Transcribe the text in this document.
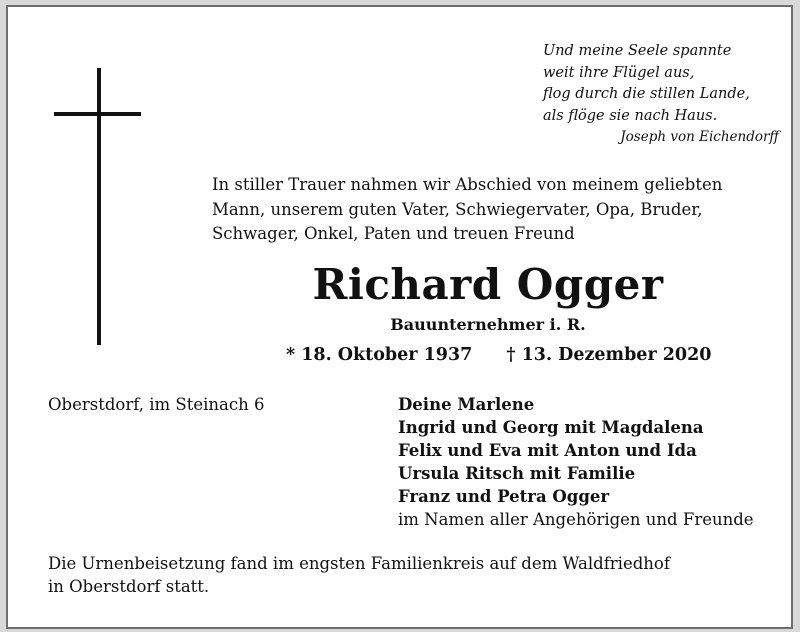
Und meine Seele spannte
weit ihre Flügel aus,
flog durch die stillen Lande,
als flöge sie nach Haus.
Joseph von Eichendorff
In stiller Trauer nahmen wir Abschied von meinem geliebten
Mann, unserem guten Vater, Schwiegervater, Opa, Bruder,
Schwager, Onkel, Paten und treuen Freund
Richard Ogger
Bauunternehmer i. R.
* 18. Oktober 1937 † 13. Dezember 2020
Oberstdorf, im Steinach 6	Deine Marlene
Ingrid und Georg mit Magdalena
Felix und Eva mit Anton und Ida
Ursula Ritsch mit Familie
Franz und Petra Ogger
im Namen aller Angehörigen und Freunde
Die Urnenbeisetzung fand im engsten Familienkreis auf dem Waldfriedhof
in Oberstdorf statt.
